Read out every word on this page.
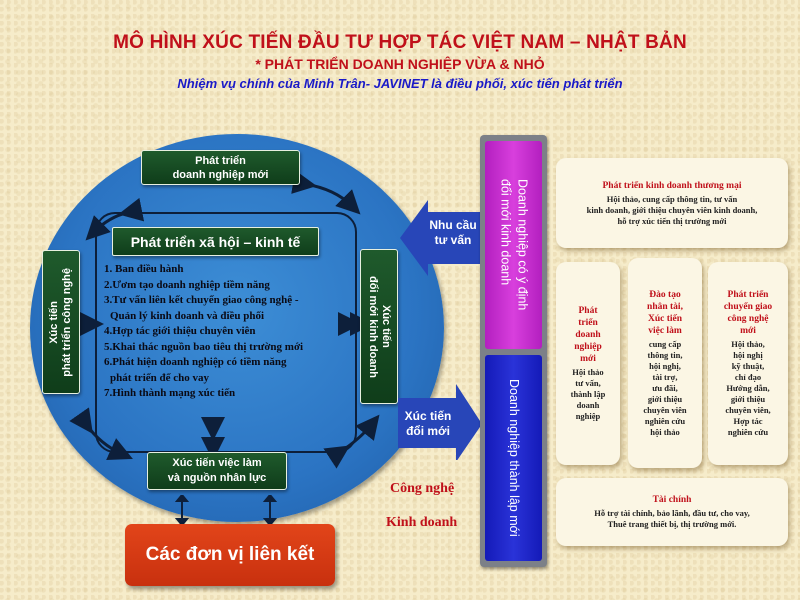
MÔ HÌNH XÚC TIẾN ĐẦU TƯ HỢP TÁC VIỆT NAM – NHẬT BẢN
* PHÁT TRIỂN DOANH NGHIỆP VỪA & NHỎ
Nhiệm vụ chính của Minh Trân- JAVINET là điều phối, xúc tiến phát triển
Phát triển
doanh nghiệp mới
Phát triển xã hội – kinh tế
Xúc tiến việc làm
và nguồn nhân lực
Xúc tiến
phát triển công nghệ	Xúc tiến
đổi mới kinh doanh
1. Ban điều hành
2.Ươm tạo doanh nghiệp tiềm năng
3.Tư vấn liên kết chuyển giao công nghệ -
Quản lý kinh doanh và điều phối
4.Hợp tác giới thiệu chuyên viên
5.Khai thác nguồn bao tiêu thị trường mới
6.Phát hiện doanh nghiệp có tiềm năng
phát triển để cho vay
7.Hình thành mạng xúc tiến
Các đơn vị liên kết
Nhu cầu
tư vấn
Xúc tiến
đổi mới
Công nghệ
Kinh doanh
Doanh nghiệp có ý định
đổi mới kinh doanh
Doanh nghiệp thành lập mới
Phát triển kinh doanh thương mại
Hội thảo, cung cấp thông tin, tư vấn
kinh doanh, giới thiệu chuyên viên kinh doanh,
hỗ trợ xúc tiến thị trường mới
Phát
triển
doanh
nghiệp
mới
Hội thảo
tư vấn,
thành lập
doanh
nghiệp
Đào tạo
nhân tài,
Xúc tiến
việc làm
cung cấp
thông tin,
hội nghị,
tài trợ,
ưu đãi,
giới thiệu
chuyên viên
nghiên cứu
hội thảo
Phát triển
chuyển giao
công nghệ
mới
Hội thảo,
hội nghị
kỹ thuật,
chỉ đạo
Hướng dẫn,
giới thiệu
chuyên viên,
Hợp tác
nghiên cứu
Tài chính
Hỗ trợ tài chính, bảo lãnh, đầu tư, cho vay,
Thuê trang thiết bị, thị trường mới.
